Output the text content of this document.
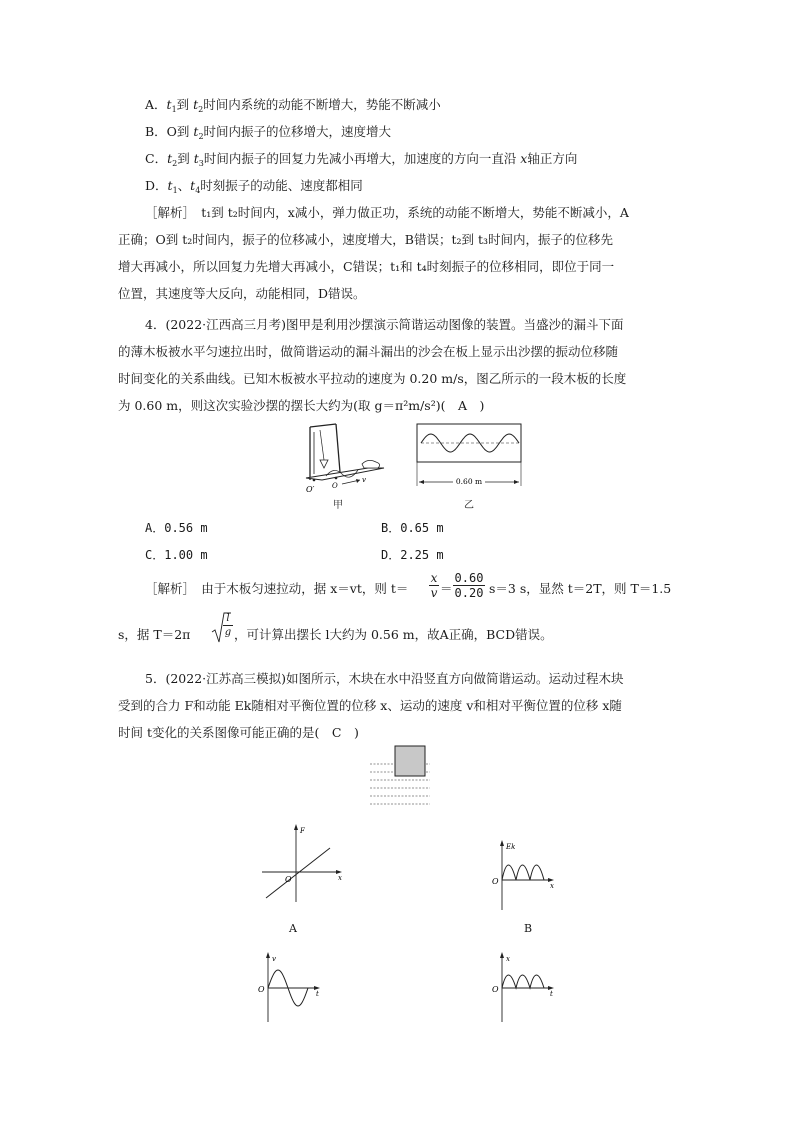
A．$t_1$到 $t_2$时间内系统的动能不断增大，势能不断减小
B．O到 $t_2$时间内振子的位移增大，速度增大
C．$t_2$到 $t_3$时间内振子的回复力先减小再增大，加速度的方向一直沿 x轴正方向
D．$t_1$、$t_4$时刻振子的动能、速度都相同
［解析］　t₁到 t₂时间内，x减小，弹力做正功，系统的动能不断增大，势能不断减小，A
正确；O到 t₂时间内，振子的位移减小，速度增大，B错误；t₂到 t₃时间内，振子的位移先
增大再减小，所以回复力先增大再减小，C错误；t₁和 t₄时刻振子的位移相同，即位于同一
位置，其速度等大反向，动能相同，D错误。
4．(2022·江西高三月考)图甲是利用沙摆演示简谐运动图像的装置。当盛沙的漏斗下面
的薄木板被水平匀速拉出时，做简谐运动的漏斗漏出的沙会在板上显示出沙摆的振动位移随
时间变化的关系曲线。已知木板被水平拉动的速度为 0.20 m/s，图乙所示的一段木板的长度
为 0.60 m，则这次实验沙摆的摆长大约为(取 g＝π²m/s²)(　A　)
v
O′	O
甲
0.60 m
乙
A．0.56 m	B．0.65 m
C．1.00 m	D．2.25 m
［解析］　由于木板匀速拉动，据 x＝vt，则 $t= \frac{x}{v} = \frac{0.60}{0.20} s=3$ s，显然 t＝2T，则 T＝1.5
s，据 T＝2π	$\frac{l}{g}$ ，可计算出摆长 l大约为 0.56 m，故A正确，BCD错误。
5．(2022·江苏高三模拟)如图所示，木块在水中沿竖直方向做简谐运动。运动过程木块
受到的合力 F和动能 Ek随相对平衡位置的位移 x、运动的速度 v和相对平衡位置的位移 x随
时间 t变化的关系图像可能正确的是(　C　)
F
x
O
A
Ek
x
O
B
v
t
O
x
t
O
